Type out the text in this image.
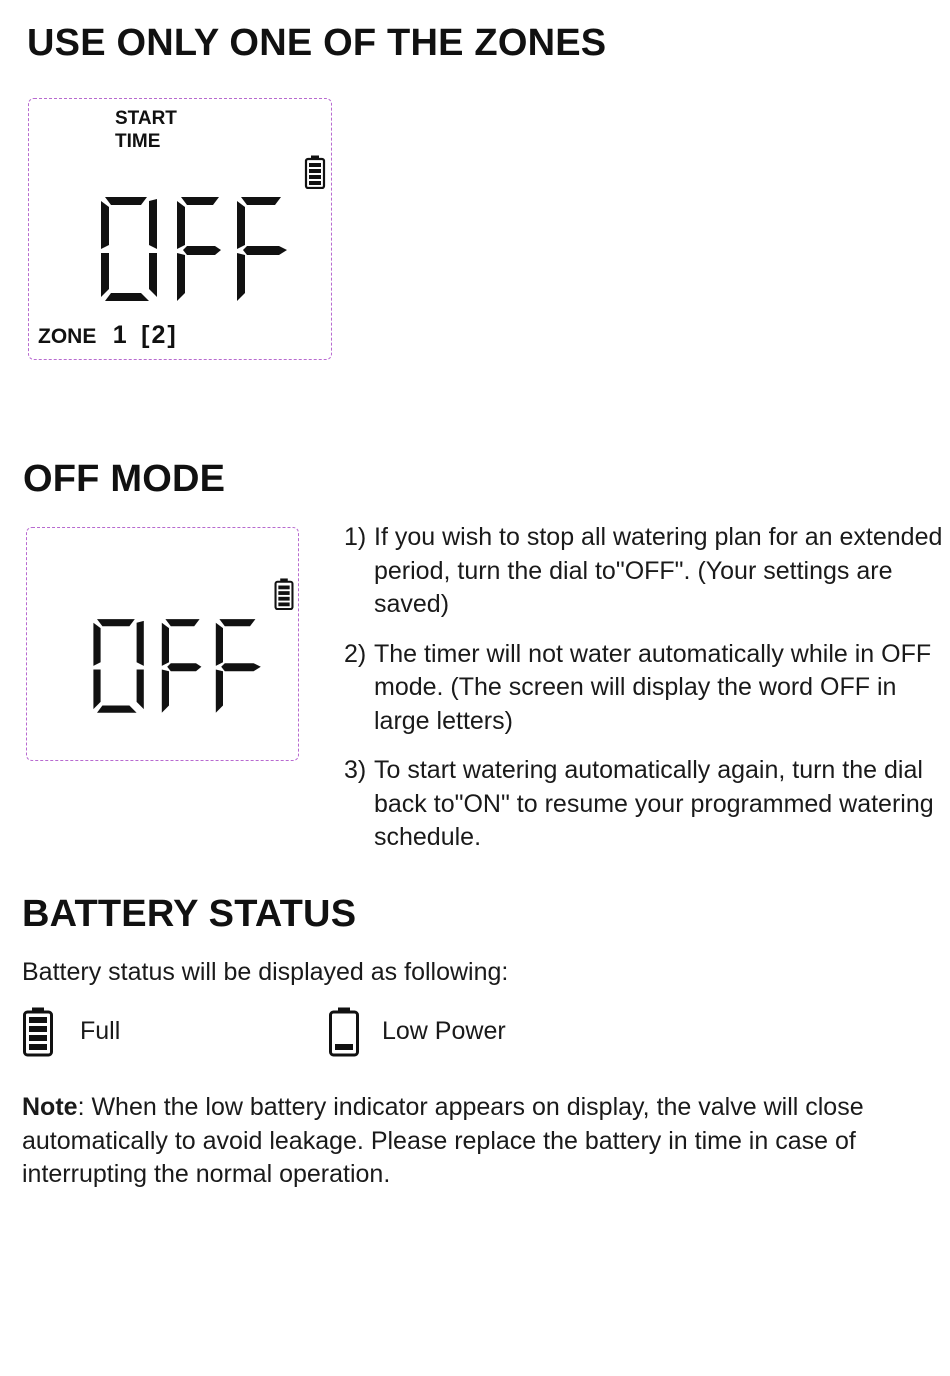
USE ONLY ONE OF THE ZONES
START
TIME
ZONE 1 [2]
OFF MODE
1) If you wish to stop all watering plan for an extended period, turn the dial to"OFF". (Your settings are saved)
2) The timer will not water automatically while in OFF mode. (The screen will display the word OFF in large letters)
3) To start watering automatically again, turn the dial back to"ON" to resume your programmed watering schedule.
BATTERY STATUS
Battery status will be displayed as following:
Full	Low Power
Note: When the low battery indicator appears on display, the valve will close automatically to avoid leakage. Please replace the battery in time in case of interrupting the normal operation.
